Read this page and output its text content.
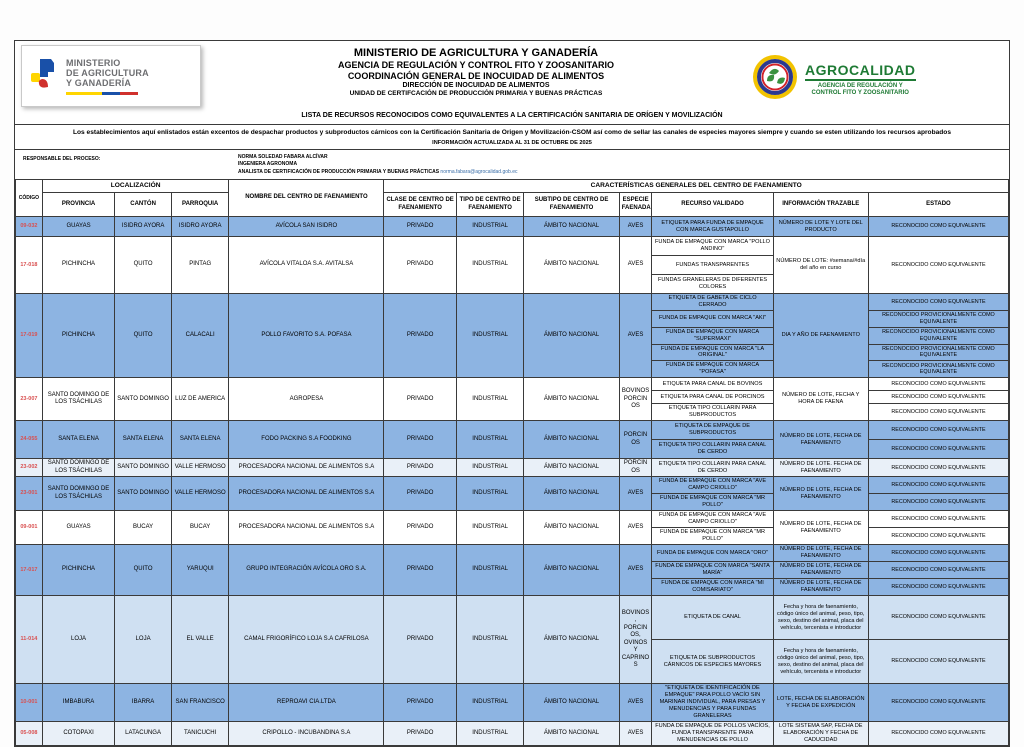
MINISTERIO
DE AGRICULTURA
Y GANADERÍA
MINISTERIO DE AGRICULTURA Y GANADERÍA
AGENCIA DE REGULACIÓN Y CONTROL FITO Y ZOOSANITARIO
COORDINACIÓN GENERAL DE INOCUIDAD DE ALIMENTOS
DIRECCIÓN DE INOCUIDAD DE ALIMENTOS
UNIDAD DE CERTIFCACIÓN DE PRODUCCIÓN PRIMARIA Y BUENAS PRÁCTICAS
AGROCALIDAD
AGENCIA DE REGULACIÓN Y
CONTROL FITO Y ZOOSANITARIO
LISTA DE RECURSOS RECONOCIDOS COMO EQUIVALENTES A LA CERTIFICACIÓN SANITARIA DE ORÍGEN Y MOVILIZACIÓN
Los establecimientos aquí enlistados están excentos de despachar productos y subproductos cárnicos con la Certificación Sanitaria de Origen y Movilización-CSOM así como de sellar las canales de especies mayores siempre y cuando se esten utilizando los recursos aprobados
INFORMACIÓN ACTUALIZADA AL 31 DE OCTUBRE DE 2025
RESPONSABLE DEL PROCESO:	NORMA SOLEDAD FABARA ALCÍVAR
INGENIERA AGRONOMA
ANALISTA DE CERTIFICACIÓN DE PRODUCCIÓN PRIMARIA Y BUENAS PRÁCTICAS norma.fabara@agrocalidad.gob.ec
CÓDIGO	LOCALIZACIÓN			NOMBRE DEL CENTRO DE FAENAMIENTO	CARACTERÍSTICAS GENERALES DEL CENTRO DE FAENAMIENTO						
	PROVINCIA	CANTÓN	PARROQUIA		CLASE DE CENTRO DE FAENAMIENTO	TIPO DE CENTRO DE FAENAMIENTO	SUBTIPO DE CENTRO DE FAENAMIENTO	ESPECIE FAENADA	RECURSO VALIDADO	INFORMACIÓN TRAZABLE	ESTADO
09-032	GUAYAS	ISIDRO AYORA	ISIDRO AYORA	AVÍCOLA SAN ISIDRO	PRIVADO	INDUSTRIAL	ÁMBITO NACIONAL	AVES	ETIQUETA PARA FUNDA DE EMPAQUE CON MARCA GUSTAPOLLO	NÚMERO DE LOTE Y LOTE DEL PRODUCTO	RECONOCIDO COMO EQUIVALENTE
17-018	PICHINCHA	QUITO	PINTAG	AVÍCOLA VITALOA S.A. AVITALSA	PRIVADO	INDUSTRIAL	ÁMBITO NACIONAL	AVES	FUNDA DE EMPAQUE CON MARCA "POLLO ANDINO"	NÚMERO DE LOTE: #semana/#día del año en curso	RECONOCIDO COMO EQUIVALENTE
									FUNDAS TRANSPARENTES		
									FUNDAS GRANELERAS DE DIFERENTES COLORES		
17-019	PICHINCHA	QUITO	CALACALI	POLLO FAVORITO S.A. POFASA	PRIVADO	INDUSTRIAL	ÁMBITO NACIONAL	AVES	ETIQUETA DE GABETA DE CICLO CERRADO	DIA Y AÑO DE FAENAMIENTO	RECONOCIDO COMO EQUIVALENTE
									FUNDA DE EMPAQUE CON MARCA "AKI"		RECONOCIDO PROVICIONALMENTE COMO EQUIVALENTE
									FUNDA DE EMPAQUE CON MARCA "SUPERMAXI"		RECONOCIDO PROVICIONALMENTE COMO EQUIVALENTE
									FUNDA DE EMPAQUE CON MARCA "LA ORIGINAL"		RECONOCIDO PROVICIONALMENTE COMO EQUIVALENTE
									FUNDA DE EMPAQUE CON MARCA "POFASA"		RECONOCIDO PROVICIONALMENTE COMO EQUIVALENTE
23-007	SANTO DOMINGO DE LOS TSÁCHILAS	SANTO DOMINGO	LUZ DE AMERICA	AGROPESA	PRIVADO	INDUSTRIAL	ÁMBITO NACIONAL	BOVINOS PORCINOS	ETIQUETA PARA CANAL DE BOVINOS	NÚMERO DE LOTE, FECHA Y HORA DE FAENA	RECONOCIDO COMO EQUIVALENTE
									ETIQUETA PARA CANAL DE PORCINOS		RECONOCIDO COMO EQUIVALENTE
									ETIQUETA TIPO COLLARIN PARA SUBPRODUCTOS		RECONOCIDO COMO EQUIVALENTE
24-055	SANTA ELENA	SANTA ELENA	SANTA ELENA	FODO PACKING S.A FOODKING	PRIVADO	INDUSTRIAL	ÁMBITO NACIONAL	PORCINOS	ETIQUETA DE EMPAQUE DE SUBPRODUCTOS	NÚMERO DE LOTE, FECHA DE FAENAMIENTO	RECONOCIDO COMO EQUIVALENTE
									ETIQUETA TIPO COLLARIN PARA CANAL DE CERDO		RECONOCIDO COMO EQUIVALENTE
23-002	SANTO DOMINGO DE LOS TSÁCHILAS	SANTO DOMINGO	VALLE HERMOSO	PROCESADORA NACIONAL DE ALIMENTOS S.A	PRIVADO	INDUSTRIAL	ÁMBITO NACIONAL	PORCINOS	ETIQUETA TIPO COLLARIN PARA CANAL DE CERDO	NÚMERO DE LOTE. FECHA DE FAENAMIENTO	RECONOCIDO COMO EQUIVALENTE
23-001	SANTO DOMINGO DE LOS TSÁCHILAS	SANTO DOMINGO	VALLE HERMOSO	PROCESADORA NACIONAL DE ALIMENTOS S.A	PRIVADO	INDUSTRIAL	ÁMBITO NACIONAL	AVES	FUNDA DE EMPAQUE CON MARCA "AVE CAMPO CRIOLLO"	NÚMERO DE LOTE, FECHA DE FAENAMIENTO	RECONOCIDO COMO EQUIVALENTE
									FUNDA DE EMPAQUE CON MARCA "MR POLLO"		RECONOCIDO COMO EQUIVALENTE
09-001	GUAYAS	BUCAY	BUCAY	PROCESADORA NACIONAL DE ALIMENTOS S.A	PRIVADO	INDUSTRIAL	ÁMBITO NACIONAL	AVES	FUNDA DE EMPAQUE CON MARCA "AVE CAMPO CRIOLLO"	NÚMERO DE LOTE, FECHA DE FAENAMIENTO	RECONOCIDO COMO EQUIVALENTE
									FUNDA DE EMPAQUE CON MARCA "MR POLLO"		RECONOCIDO COMO EQUIVALENTE
17-017	PICHINCHA	QUITO	YARUQUI	GRUPO INTEGRACIÓN AVÍCOLA ORO S.A.	PRIVADO	INDUSTRIAL	ÁMBITO NACIONAL	AVES	FUNDA DE EMPAQUE CON MARCA "ORO"	NÚMERO DE LOTE, FECHA DE FAENAMIENTO	RECONOCIDO COMO EQUIVALENTE
									FUNDA DE EMPAQUE CON MARCA "SANTA MARÍA"	NÚMERO DE LOTE, FECHA DE FAENAMIENTO	RECONOCIDO COMO EQUIVALENTE
									FUNDA DE EMPAQUE CON MARCA "MI COMISARIATO"	NÚMERO DE LOTE, FECHA DE FAENAMIENTO	RECONOCIDO COMO EQUIVALENTE
11-014	LOJA	LOJA	EL VALLE	CAMAL FRIGORÍFICO LOJA S.A CAFRILOSA	PRIVADO	INDUSTRIAL	ÁMBITO NACIONAL	BOVINOS, PORCINOS, OVINOS Y CAPRINOS	ETIQUETA DE CANAL	Fecha y hora de faenamiento, código único del animal, peso, tipo, sexo, destino del animal, placa del vehículo, tercenista e introductor	RECONOCIDO COMO EQUIVALENTE
									ETIQUETA DE SUBPRODUCTOS CÁRNICOS DE ESPECIES MAYORES	Fecha y hora de faenamiento, código único del animal, peso, tipo, sexo, destino del animal, placa del vehículo, tercenista e introductor	RECONOCIDO COMO EQUIVALENTE
10-001	IMBABURA	IBARRA	SAN FRANCISCO	REPROAVI CIA.LTDA	PRIVADO	INDUSTRIAL	ÁMBITO NACIONAL	AVES	"ETIQUETA DE IDENTIFICACIÓN DE EMPAQUE" PARA POLLO VACÍO SIN MARINAR INDIVIDUAL, PARA PRESAS Y MENUDENCIAS Y PARA FUNDAS GRANELERAS	LOTE, FECHA DE ELABORACIÓN Y FECHA DE EXPEDICIÓN	RECONOCIDO COMO EQUIVALENTE
05-008	COTOPAXI	LATACUNGA	TANICUCHI	CRIPOLLO - INCUBANDINA S.A	PRIVADO	INDUSTRIAL	ÁMBITO NACIONAL	AVES	FUNDA DE EMPAQUE DE POLLOS VACÍOS, FUNDA TRANSPARENTE PARA MENUDENCIAS DE POLLO	LOTE SISTEMA SAP, FECHA DE ELABORACIÓN Y FECHA DE CADUCIDAD	RECONOCIDO COMO EQUIVALENTE
